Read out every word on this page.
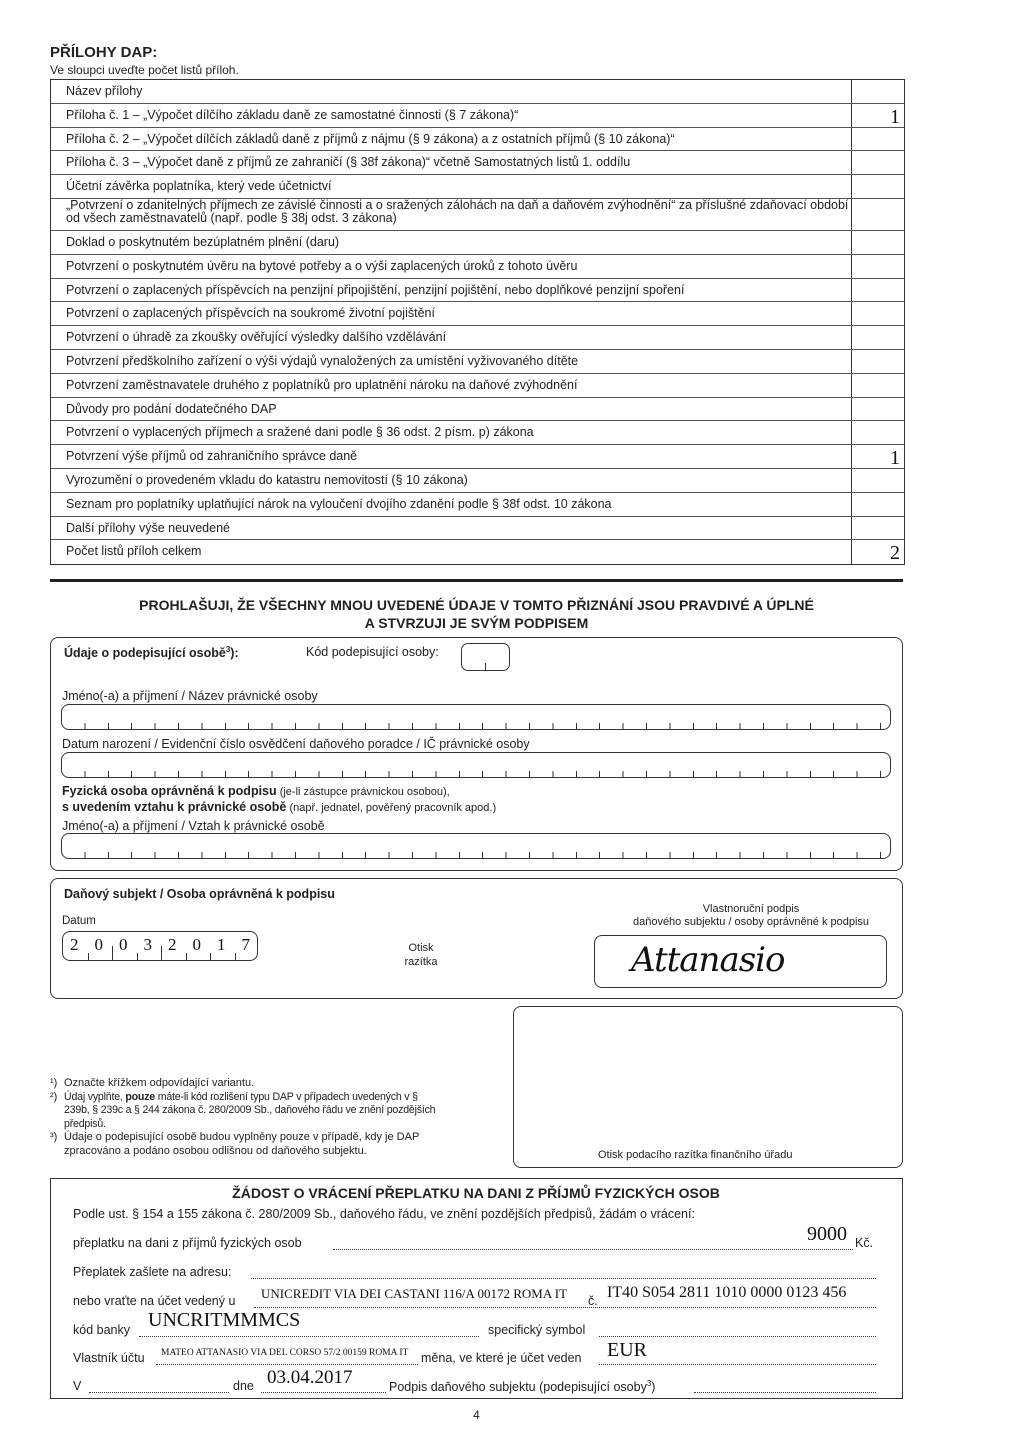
PŘÍLOHY DAP:
Ve sloupci uveďte počet listů příloh.
Název přílohy
Příloha č. 1 – „Výpočet dílčího základu daně ze samostatné činnosti (§ 7 zákona)“	1
Příloha č. 2 – „Výpočet dílčích základů daně z příjmů z nájmu (§ 9 zákona) a z ostatních příjmů (§ 10 zákona)“
Příloha č. 3 – „Výpočet daně z příjmů ze zahraničí (§ 38f zákona)“ včetně Samostatných listů 1. oddílu
Účetní závěrka poplatníka, který vede účetnictví
„Potvrzení o zdanitelných příjmech ze závislé činnosti a o sražených zálohách na daň a daňovém zvýhodnění“ za příslušné zdaňovací období od všech zaměstnavatelů (např. podle § 38j odst. 3 zákona)
Doklad o poskytnutém bezúplatném plnění (daru)
Potvrzení o poskytnutém úvěru na bytové potřeby a o výši zaplacených úroků z tohoto úvěru
Potvrzení o zaplacených příspěvcích na penzijní připojištění, penzijní pojištění, nebo doplňkové penzijní spoření
Potvrzení o zaplacených příspěvcích na soukromé životní pojištění
Potvrzení o úhradě za zkoušky ověřující výsledky dalšího vzdělávání
Potvrzení předškolního zařízení o výši výdajů vynaložených za umístění vyživovaného dítěte
Potvrzení zaměstnavatele druhého z poplatníků pro uplatnění nároku na daňové zvýhodnění
Důvody pro podání dodatečného DAP
Potvrzení o vyplacených příjmech a sražené dani podle § 36 odst. 2 písm. p) zákona
Potvrzení výše příjmů od zahraničního správce daně	1
Vyrozumění o provedeném vkladu do katastru nemovitostí (§ 10 zákona)
Seznam pro poplatníky uplatňující nárok na vyloučení dvojího zdanění podle § 38f odst. 10 zákona
Další přílohy výše neuvedené
Počet listů příloh celkem	2
PROHLAŠUJI, ŽE VŠECHNY MNOU UVEDENÉ ÚDAJE V TOMTO PŘIZNÁNÍ JSOU PRAVDIVÉ A ÚPLNÉ
A STVRZUJI JE SVÝM PODPISEM
Údaje o podepisující osobě$^3$):	Kód podepisující osoby:
Jméno(-a) a příjmení / Název právnické osoby
Datum narození / Evidenční číslo osvědčení daňového poradce / IČ právnické osoby
Fyzická osoba oprávněná k podpisu (je-li zástupce právnickou osobou),
s uvedením vztahu k právnické osobě (např. jednatel, pověřený pracovník apod.)
Jméno(-a) a příjmení / Vztah k právnické osobě
Daňový subjekt / Osoba oprávněná k podpisu
Datum
Otisk
razítka
Vlastnoruční podpis
daňového subjektu / osoby oprávněné k podpisu
Attanasio
2 0 0 3 2 0 1 7
Otisk podacího razítka finančního úřadu
¹) Označte křížkem odpovídající variantu.
²) Údaj vyplňte, pouze máte-li kód rozlišení typu DAP v případech uvedených v § 239b, § 239c a § 244 zákona č. 280/2009 Sb., daňového řádu ve znění pozdějších předpisů.
³) Údaje o podepisující osobě budou vyplněny pouze v případě, kdy je DAP zpracováno a podáno osobou odlišnou od daňového subjektu.
ŽÁDOST O VRÁCENÍ PŘEPLATKU NA DANI Z PŘÍJMŮ FYZICKÝCH OSOB
Podle ust. § 154 a 155 zákona č. 280/2009 Sb., daňového řádu, ve znění pozdějších předpisů, žádám o vrácení:
přeplatku na dani z příjmů fyzických osob	9000 Kč.
Přeplatek zašlete na adresu:
nebo vraťte na účet vedený u UNICREDIT VIA DEI CASTANI 116/A 00172 ROMA IT č. IT40 S054 2811 1010 0000 0123 456
kód banky UNCRITMMMCS	specifický symbol
Vlastník účtu MATEO ATTANASIO VIA DEL CORSO 57/2 00159 ROMA IT měna, ve které je účet veden EUR
V	dne 03.04.2017	Podpis daňového subjektu (podepisující osoby$^3$)
4
